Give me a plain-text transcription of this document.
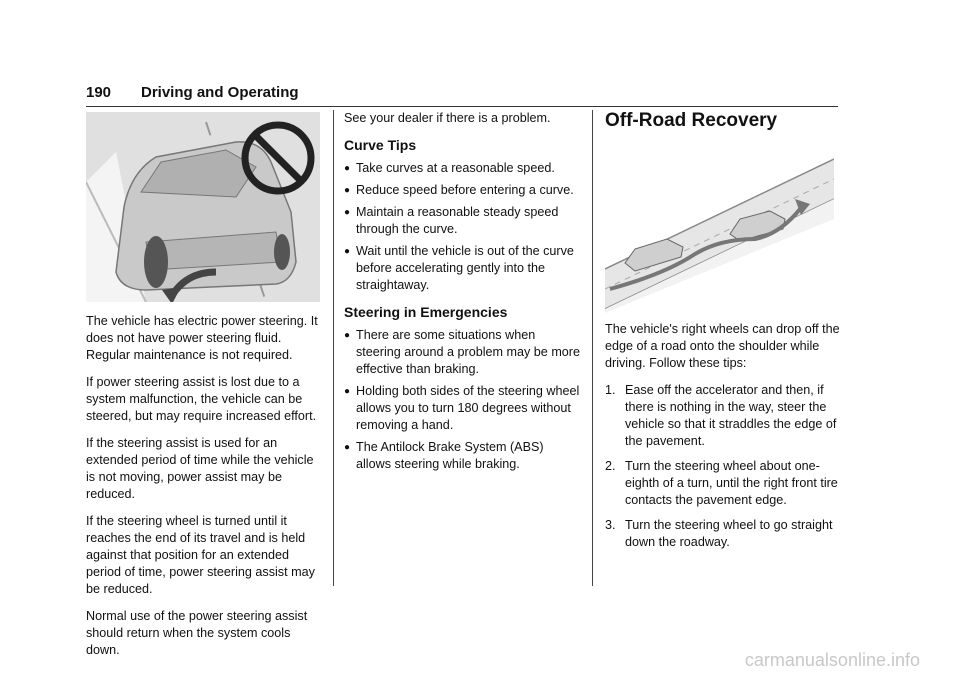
190 Driving and Operating

The vehicle has electric power steering. It does not have power steering fluid. Regular maintenance is not required.

If power steering assist is lost due to a system malfunction, the vehicle can be steered, but may require increased effort.

If the steering assist is used for an extended period of time while the vehicle is not moving, power assist may be reduced.

If the steering wheel is turned until it reaches the end of its travel and is held against that position for an extended period of time, power steering assist may be reduced.

Normal use of the power steering assist should return when the system cools down.

See your dealer if there is a problem.

Curve Tips
● Take curves at a reasonable speed.
● Reduce speed before entering a curve.
● Maintain a reasonable steady speed through the curve.
● Wait until the vehicle is out of the curve before accelerating gently into the straightaway.
Steering in Emergencies
● There are some situations when steering around a problem may be more effective than braking.
● Holding both sides of the steering wheel allows you to turn 180 degrees without removing a hand.
● The Antilock Brake System (ABS) allows steering while braking.
Off-Road Recovery

The vehicle's right wheels can drop off the edge of a road onto the shoulder while driving. Follow these tips:

1. Ease off the accelerator and then, if there is nothing in the way, steer the vehicle so that it straddles the edge of the pavement.
2. Turn the steering wheel about one-eighth of a turn, until the right front tire contacts the pavement edge.
3. Turn the steering wheel to go straight down the roadway.
carmanualsonline.info
